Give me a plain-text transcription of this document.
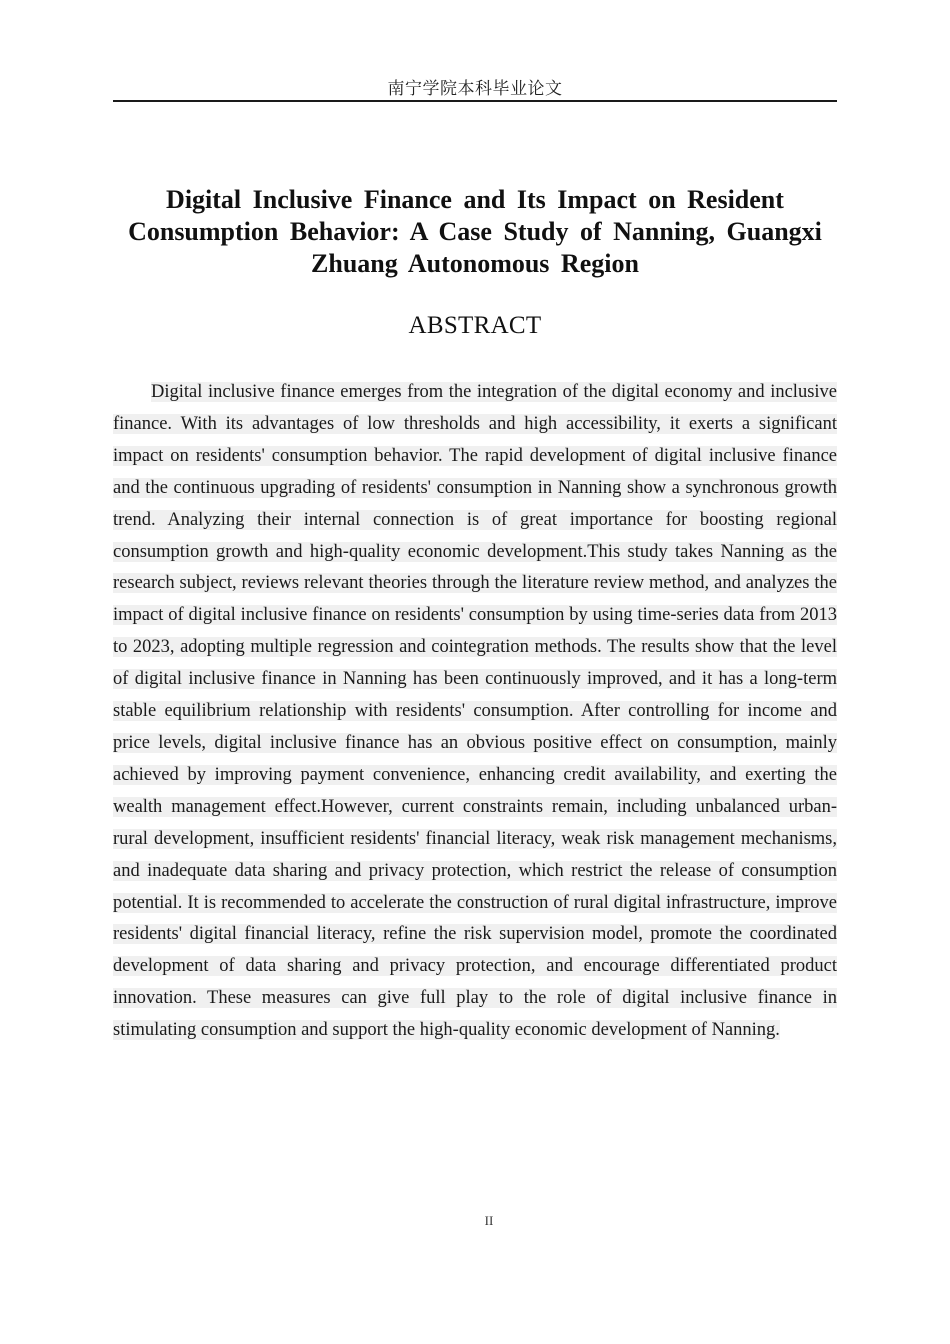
南宁学院本科毕业论文
Digital Inclusive Finance and Its Impact on Resident Consumption Behavior: A Case Study of Nanning, Guangxi Zhuang Autonomous Region
ABSTRACT

Digital inclusive finance emerges from the integration of the digital economy and inclusive finance. With its advantages of low thresholds and high accessibility, it exerts a significant impact on residents' consumption behavior. The rapid development of digital inclusive finance and the continuous upgrading of residents' consumption in Nanning show a synchronous growth trend. Analyzing their internal connection is of great importance for boosting regional consumption growth and high-quality economic development.This study takes Nanning as the research subject, reviews relevant theories through the literature review method, and analyzes the impact of digital inclusive finance on residents' consumption by using time-series data from 2013 to 2023, adopting multiple regression and cointegration methods. The results show that the level of digital inclusive finance in Nanning has been continuously improved, and it has a long-term stable equilibrium relationship with residents' consumption. After controlling for income and price levels, digital inclusive finance has an obvious positive effect on consumption, mainly achieved by improving payment convenience, enhancing credit availability, and exerting the wealth management effect.However, current constraints remain, including unbalanced urban-rural development, insufficient residents' financial literacy, weak risk management mechanisms, and inadequate data sharing and privacy protection, which restrict the release of consumption potential. It is recommended to accelerate the construction of rural digital infrastructure, improve residents' digital financial literacy, refine the risk supervision model, promote the coordinated development of data sharing and privacy protection, and encourage differentiated product innovation. These measures can give full play to the role of digital inclusive finance in stimulating consumption and support the high-quality economic development of Nanning.

II
